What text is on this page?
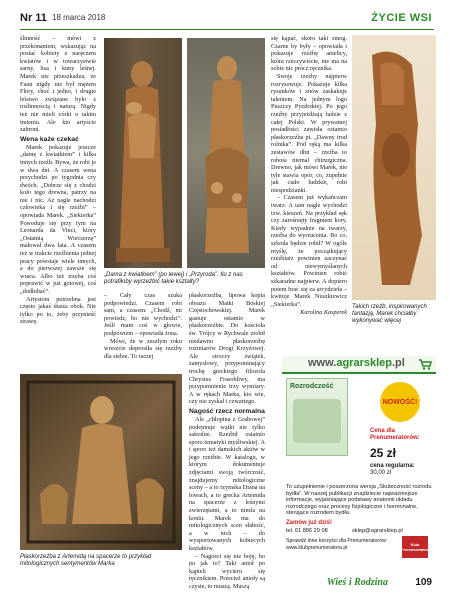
Nr 11 18 marca 2018	ŻYCIE WSI

ślinność – mówi z przekonaniem, wskazując na postać kobiety z naręczem kwiatów i w towarzystwie sarny, lisa i kuny leśnej. Marek nie przeszkadza, że Faun nigdy nie był mężem Flory, choć i jedno, i drugie bóstwo związane było z roślinnością i naturą. Nigdy też nie mieli córki o takim imieniu. Ale kto artyście zabroni.

Wena każe czekać

Marek pokazuje jeszcze „damę z kwiatkiem” i kilka innych rzeźb. Bywa, że robi je w dwa dni. A czasem wena przychodzi po tygodnia czy dwóch. „Dobrze się z chodzi koło tego drewna, patrzy na nie i nic. Aż nagle nachodzi człowieka i się rzeźbi” – opowiada Marek. „Siekierka” Powoduje się przy tym na Leonarda da Vinci, który „Ostatnią Wieczerzę” malował dwa lata. A czasem też w trakcie rzeźbienia jednej pracy powstaje wiele innych, a do pierwszej zawsze się wraca. Albo też trzeba coś poprawić w już gotowej, coś „dodłubać”.

Artystom potrzebna jest często jakaś dusza obok. Nie tylko po to, żeby przynieść strawę.

„Dama z kwiatkiem” (po lewej) i „Przyroda”. Ilu z nas potrafiłoby wyrzeźbić takie kształty?

– Cały czas szuka podpowiedzi. Czasem robi sam, a czasem: „Chodź, mi powiedz, bo nie wychodzi”. Jeśli mam coś w głowie, podpowiem – opowiada żona.

Mówi, że w zeszłym roku wreszcie doprosiła się rzeźby dla siebie. To raczej

płaskorzeźba, lipowa kopia obrazu Matki Boskiej Częstochowskiej. Marek gastuje ostatnio w płaskorzeźbie. Do kościoła św. Trójcy w Rychwale zrobił niedawno płaskorzeźbę rozmiarów Drogi Krzyżowej. Ale stroczy świątek, zamysłowy, przypominający trochę greckiego filozofa Chrystus Frasobliwy, ma przypomnienie trzy wymiary. A w rękach Marka, kto wie, czy nie zyskał i czwartego.

Nagość rzecz normalna

Ale „chłopina z Grabowej” podejmuje wątki nie tylko sakralne. Rzeźbił ostatnio sporo tematyki myśliwskiej. A i sporo też damskich aktów w jego rzeźbie. W katalogu, w którym dokumentuje zdjęciami swoją twórczość, znajdujemy mitologiczne sceny – a to rzymska Diana na łowach, a to grecka Artemida na spacerze z leśnymi zwierzętami, a to nimfa na koniu. Marek ma do mitologicznych scen słabość, a w nich – do wysportowanych kobiecych kształtów.

– Nagości się nie boję, bo po jak to? Taki anioł po kąpieli wycieru się ręcznikiem. Przecież anioły są czyste, to muszą. Muszą

się kąpać, skoro taki smog. Czarne by były – opowiada i pokazuje rzeźbę anielicy, która rzeczywiście, nie ma na sobie nic prócz ręcznika.

Swoje rzeźby najpierw rozrysowuje. Pokazuje kilka rysunków i znów zaskakuje talentem. Na jednym logo Puszczy Pyzdrskiej. Po jego rzeźby przyjeżdżają ludzie z całej Polski. W prywatnej posiadłości zawisła ostatnio płaskorzeźba pt. „Dawny trud rolnika”. Pod ręką ma kilka zestawów dłut – rzeźba to robota niemal chirurgiczna. Drewno, jak mówi Marek, nie tyle stawia opór, co, zupełnie jak ciało ludzkie, robi niespodzianki.

– Czasem już wykańczam twarz. A tam nagle wychodzi tzw. kieszeń. Na przykład sęk czy zarośnięty fragment kory. Kiedy wypadnie na twarzy, rzeźba do wyrzucenia. Bo co, szkoda będzie robił? W ogóle myślę, że początkujący rzeźbiarz powinien zaczynać od niewymyślanych kształtów. Powinien robić szkaradne najpierw. A dopiero potem brać się za arcydzieła – kwituje Marek Nuszkiewicz „Siekierka”.

Karolina Kasperek
Takich rzeźb, inspirowanych fantazją, Marek chciałby wykonywać więcej
Płaskorzeźba z Artemidą na spacerze to przykład mitologicznych sentymentów Marka
www.agrarsklep.pl
Rozrodczość
NOWOŚĆ!
Cena dla Prenumeratorów:
25 zł
cena regularna:
30,00 zł
To uzupełnienie i poszerzona wersja „Skuteczność rozrodu bydła”. W naszej publikacji znajdziecie najważniejsze informacje, wyjaśniające podstawy anatomii układu rozrodczego oraz procesy fizjologiczne i hormonalne, sterujące rozrodem bydła.
Zamów już dziś!
tel. 61 886 29 08	sklep@agrarsklep.pl
Sprawdź inne korzyści dla Prenumeratorów: www.klubprenumeratora.pl
Klub Prenumeratora
Wieś i Rodzina	109
